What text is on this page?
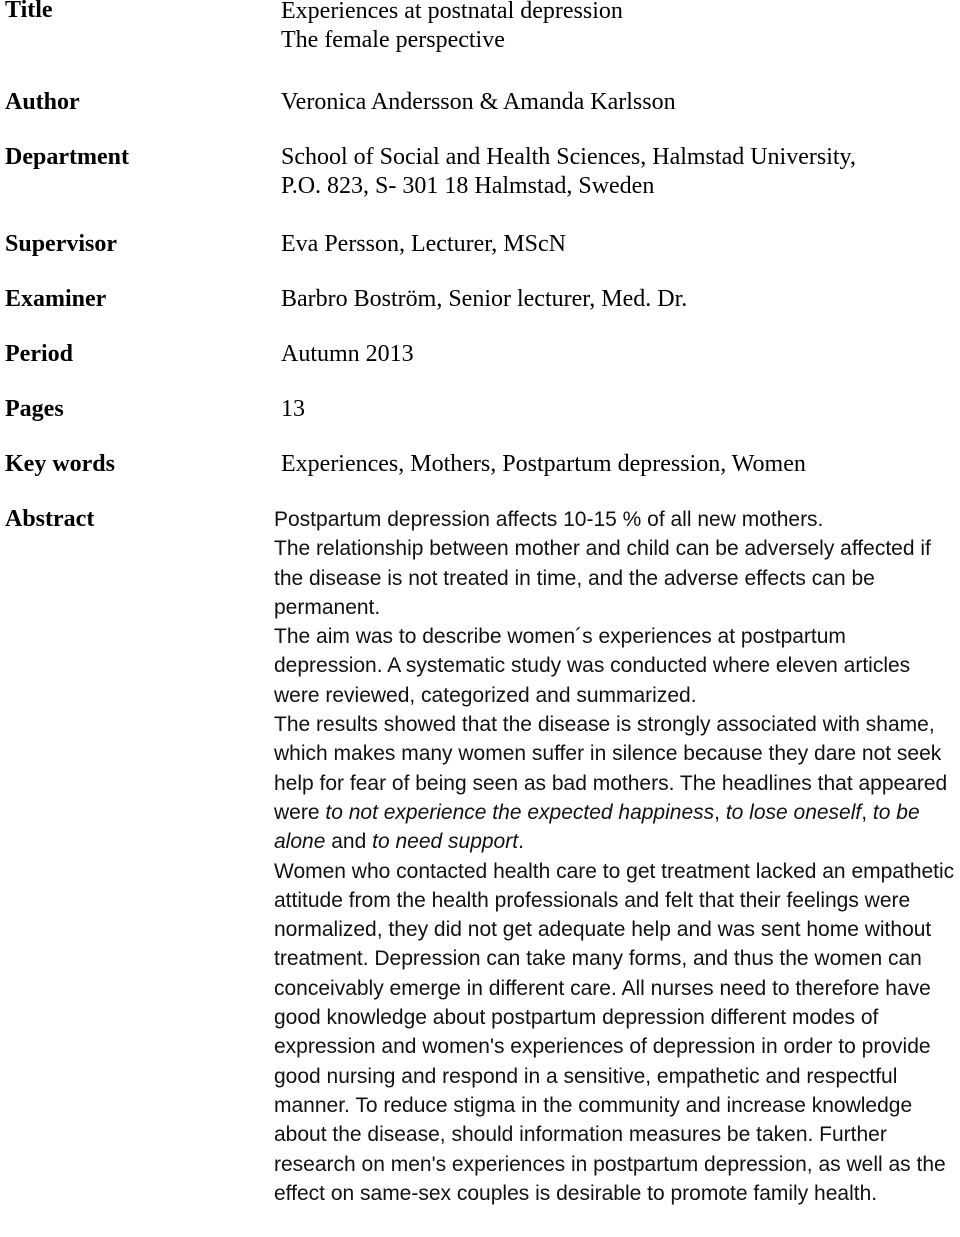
Title	Experiences at postnatal depression
The female perspective
Author	Veronica Andersson & Amanda Karlsson
Department	School of Social and Health Sciences, Halmstad University,
P.O. 823, S- 301 18 Halmstad, Sweden
Supervisor	Eva Persson, Lecturer, MScN
Examiner	Barbro Boström, Senior lecturer, Med. Dr.
Period	Autumn 2013
Pages	13
Key words	Experiences, Mothers, Postpartum depression, Women
Abstract	Postpartum depression affects 10-15 % of all new mothers.

The relationship between mother and child can be adversely affected if the disease is not treated in time, and the adverse effects can be permanent.

The aim was to describe women´s experiences at postpartum depression. A systematic study was conducted where eleven articles were reviewed, categorized and summarized.

The results showed that the disease is strongly associated with shame, which makes many women suffer in silence because they dare not seek help for fear of being seen as bad mothers. The headlines that appeared were to not experience the expected happiness, to lose oneself, to be alone and to need support.

Women who contacted health care to get treatment lacked an empathetic attitude from the health professionals and felt that their feelings were normalized, they did not get adequate help and was sent home without treatment. Depression can take many forms, and thus the women can conceivably emerge in different care. All nurses need to therefore have good knowledge about postpartum depression different modes of expression and women's experiences of depression in order to provide good nursing and respond in a sensitive, empathetic and respectful manner. To reduce stigma in the community and increase knowledge about the disease, should information measures be taken. Further research on men's experiences in postpartum depression, as well as the effect on same-sex couples is desirable to promote family health.
